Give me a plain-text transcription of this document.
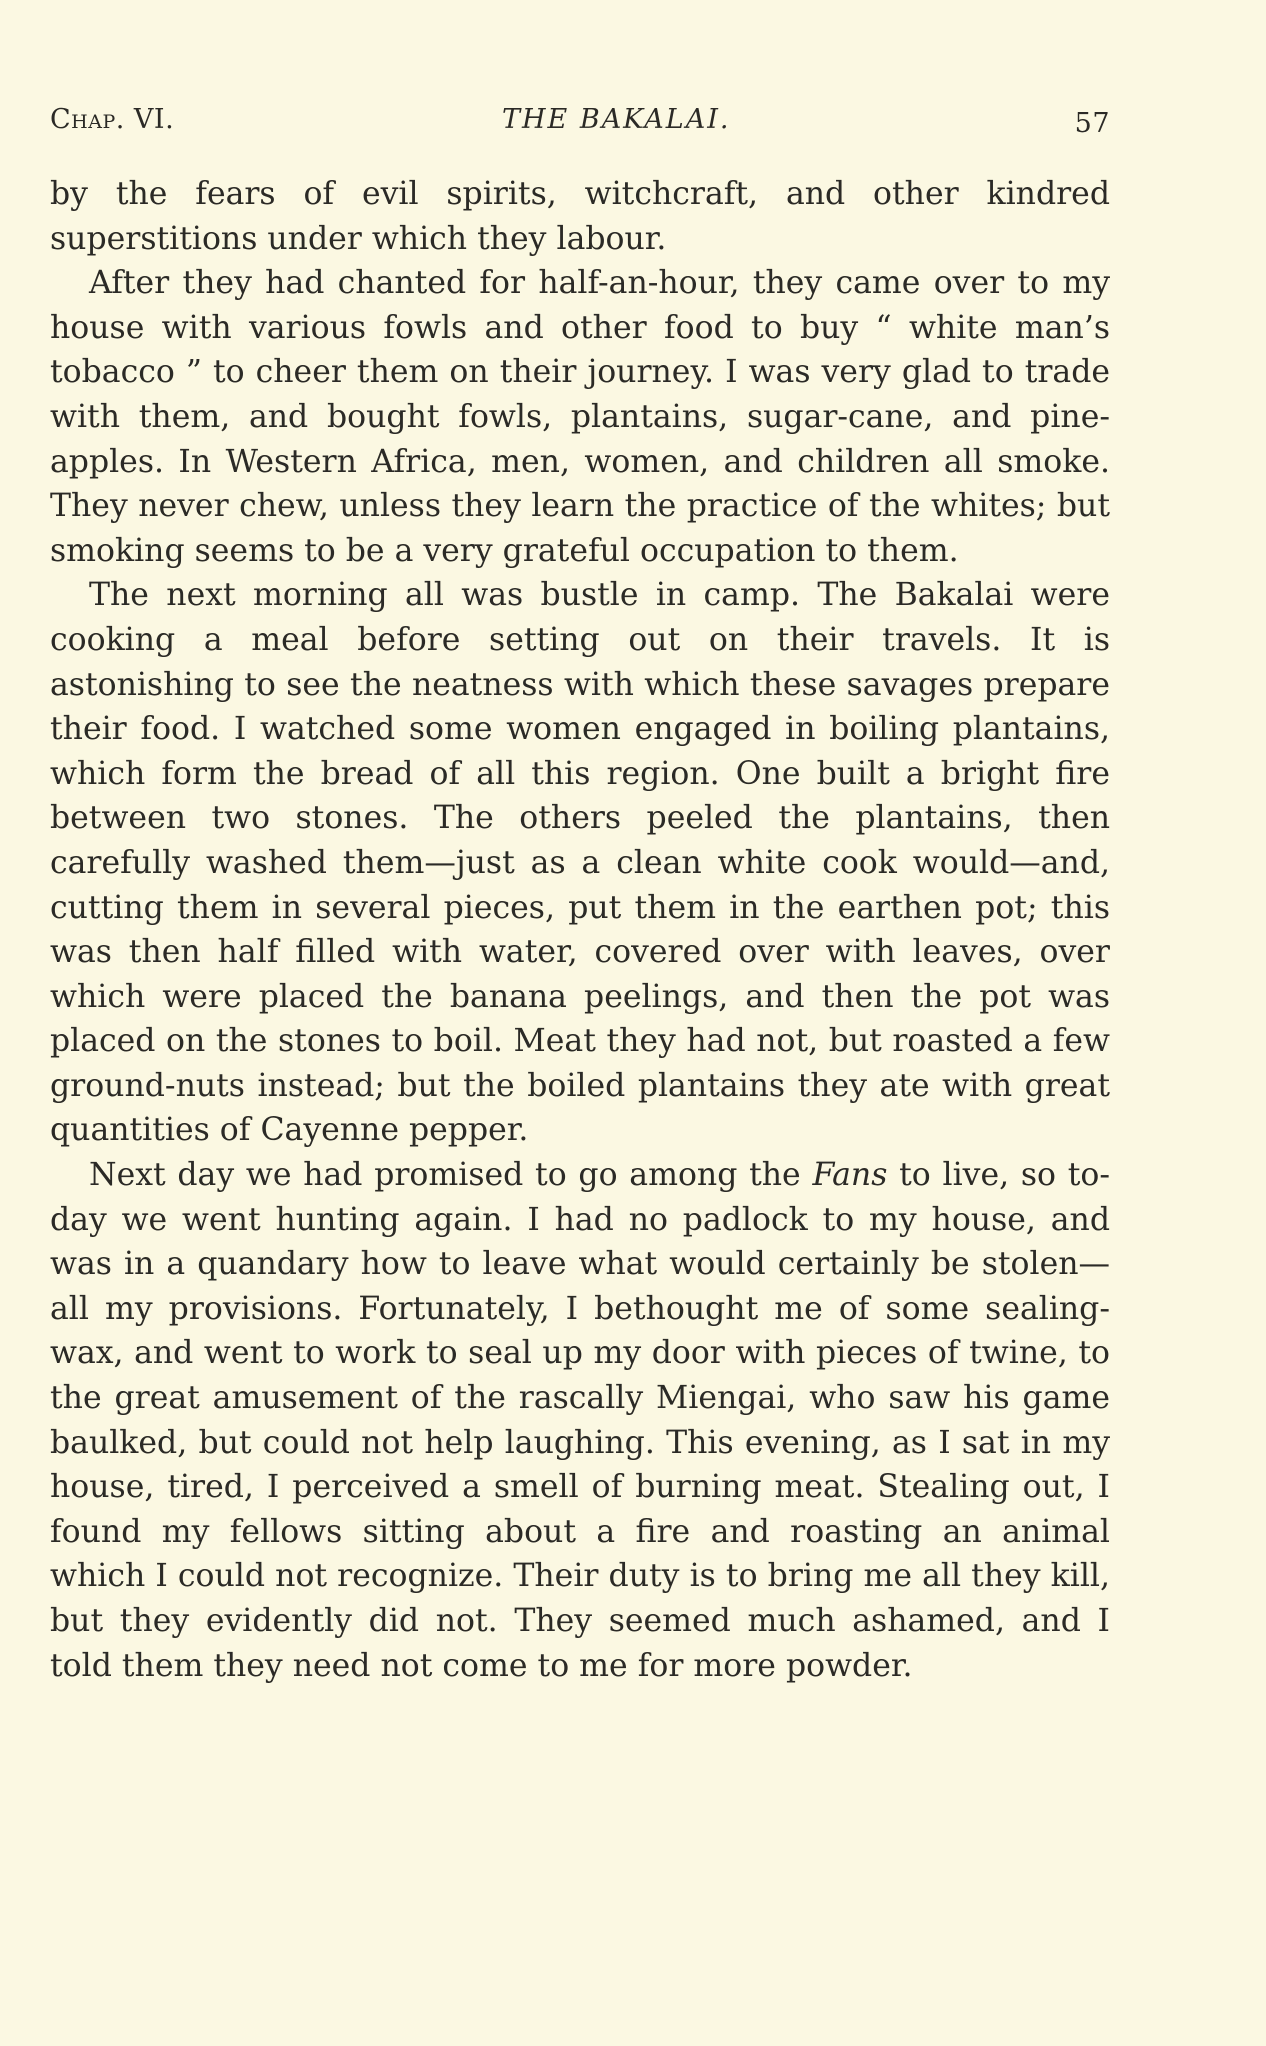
Chap. VI.	THE BAKALAI.	57

by the fears of evil spirits, witchcraft, and other kindred superstitions under which they labour.

After they had chanted for half-an-hour, they came over to my house with various fowls and other food to buy “ white man’s tobacco ” to cheer them on their journey. I was very glad to trade with them, and bought fowls, plantains, sugar-cane, and pine-apples. In Western Africa, men, women, and children all smoke. They never chew, unless they learn the practice of the whites; but smoking seems to be a very grateful occupation to them.

The next morning all was bustle in camp. The Bakalai were cooking a meal before setting out on their travels. It is astonishing to see the neatness with which these savages prepare their food. I watched some women engaged in boiling plantains, which form the bread of all this region. One built a bright fire between two stones. The others peeled the plantains, then carefully washed them—just as a clean white cook would—and, cutting them in several pieces, put them in the earthen pot; this was then half filled with water, covered over with leaves, over which were placed the banana peelings, and then the pot was placed on the stones to boil. Meat they had not, but roasted a few ground-nuts instead; but the boiled plantains they ate with great quantities of Cayenne pepper.

Next day we had promised to go among the Fans to live, so to-day we went hunting again. I had no padlock to my house, and was in a quandary how to leave what would certainly be stolen—all my provisions. Fortunately, I bethought me of some sealing-wax, and went to work to seal up my door with pieces of twine, to the great amusement of the rascally Miengai, who saw his game baulked, but could not help laughing. This evening, as I sat in my house, tired, I perceived a smell of burning meat. Stealing out, I found my fellows sitting about a fire and roasting an animal which I could not recognize. Their duty is to bring me all they kill, but they evidently did not. They seemed much ashamed, and I told them they need not come to me for more powder.
